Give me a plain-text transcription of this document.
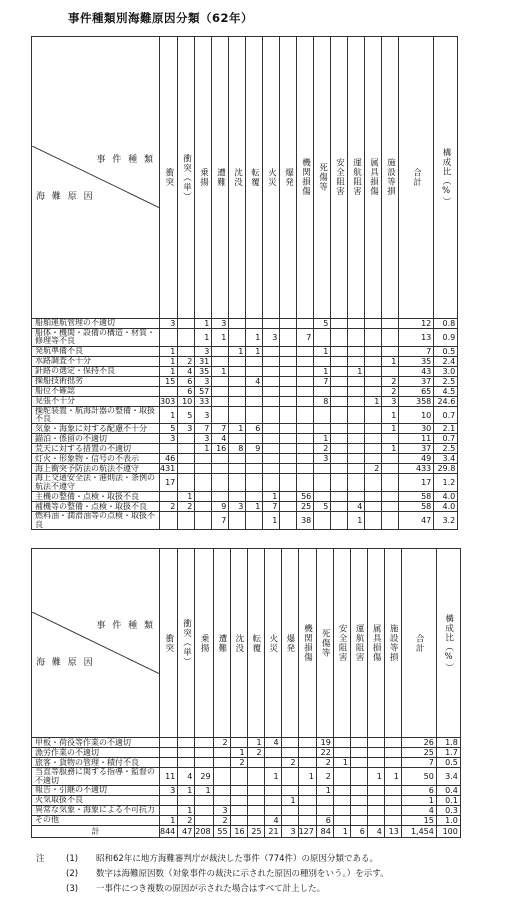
事件種類別海難原因分類（62年）
事 件 種 類
海 難 原 因	衝突	衝突（単）	乗揚	遭難	沈没	転覆	火災	爆発	機関損傷	死傷等	安全阻害	運航阻害	属具損傷	施設等損	合計	構成比（%）

船舶運航管理の不適切	3		1	3						5					12	0.8
船体・機関・設備の構造・材質・修理等不良			1	1		1	3		7						13	0.9
発航準備不良	1		3		1	1				1					7	0.5
水路調査不十分	1	2	31											1	35	2.4
針路の選定・保持不良	1	4	35	1						1		1			43	3.0
操船技術拙劣	15	6	3			4				7				2	37	2.5
船位不確認		6	57											2	65	4.5
見張不十分	303	10	33							8			1	3	358	24.6
操舵装置・航海計器の整備・取扱不良	1	5	3											1	10	0.7
気象・海象に対する配慮不十分	5	3	7	7	1	6								1	30	2.1
錨泊・係留の不適切	3		3	4						1					11	0.7
荒天に対する措置の不適切			1	16	8	9				2				1	37	2.5
灯火・形象物・信号の不表示	46									3					49	3.4
海上衝突予防法の航法不遵守	431												2		433	29.8
海上交通安全法・港則法・条例の航法不遵守	17														17	1.2
主機の整備・点検・取扱不良		1					1		56						58	4.0
補機等の整備・点検・取扱不良	2	2		9	3	1	7		25	5		4			58	4.0
燃料油・潤滑油等の点検・取扱不良				7			1		38			1			47	3.2
事 件 種 類
海 難 原 因	衝突	衝突（単）	乗揚	遭難	沈没	転覆	火災	爆発	機関損傷	死傷等	安全阻害	運航阻害	属具損傷	施設等損	合計	構成比（%）

甲板・荷役等作業の不適切				2		1	4			19					26	1.8
漁労作業の不適切					1	2				22					25	1.7
旅客・貨物の管理・積付不良					2			2		2	1				7	0.5
当直等服務に関する指導・監督の不適切	11	4	29				1		1	2			1	1	50	3.4
報告・引継の不適切	3	1	1							1					6	0.4
火気取扱不良								1							1	0.1
異常な気象・海象による不可抗力		1		3											4	0.3
その他	1	2		2			4			6					15	1.0
計	844	47	208	55	16	25	21	3	127	84	1	6	4	13	1,454	100
注	(1) 昭和62年に地方海難審判庁が裁決した事件（774件）の原因分類である。
(2) 数字は海難原因数（対象事件の裁決に示された原因の種別をいう。）を示す。
(3) 一事件につき複数の原因が示された場合はすべて計上した。
